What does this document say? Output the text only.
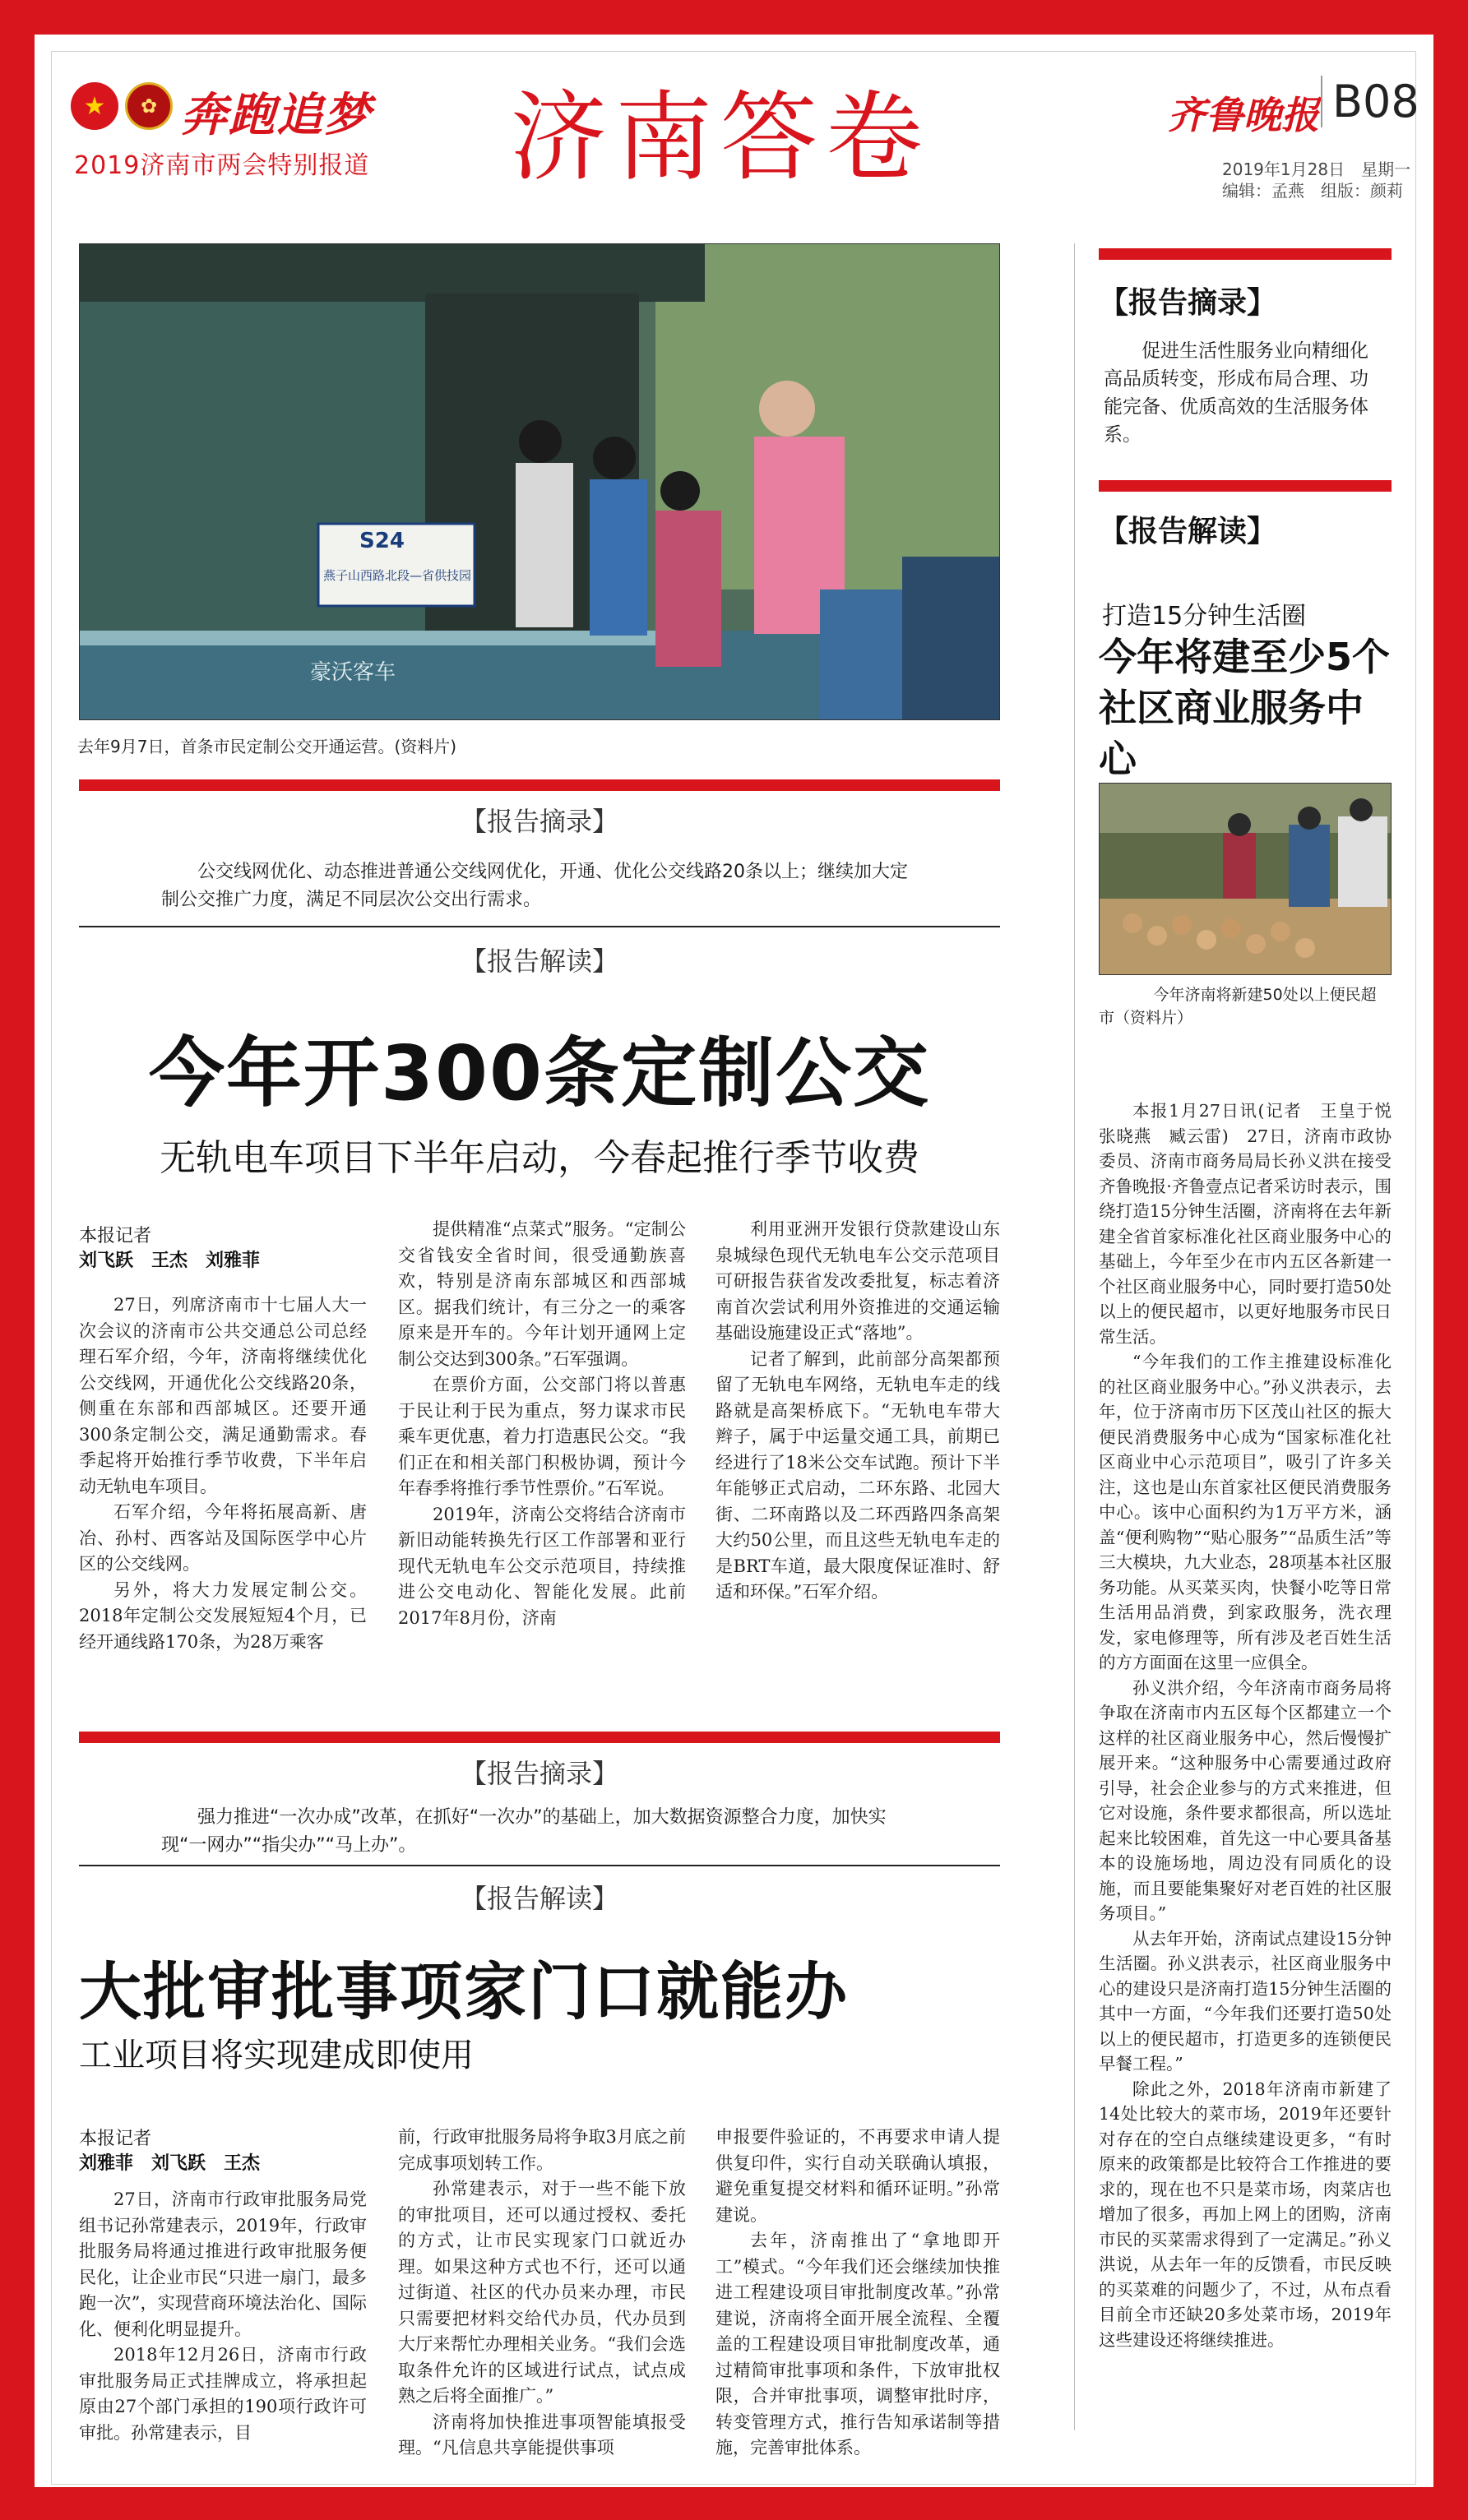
★	✿ 奔跑追梦
2019济南市两会特别报道 济南答卷	齐鲁晚报 B08
2019年1月28日　星期一
编辑：孟燕　组版：颜莉
S24
燕子山西路北段—省供技园
豪沃客车
去年9月7日，首条市民定制公交开通运营。(资料片)
【报告摘录】
公交线网优化、动态推进普通公交线网优化，开通、优化公交线路20条以上；继续加大定制公交推广力度，满足不同层次公交出行需求。
【报告解读】
今年开300条定制公交
无轨电车项目下半年启动，今春起推行季节收费
本报记者
刘飞跃　王杰　刘雅菲

27日，列席济南市十七届人大一次会议的济南市公共交通总公司总经理石军介绍，今年，济南将继续优化公交线网，开通优化公交线路20条，侧重在东部和西部城区。还要开通300条定制公交，满足通勤需求。春季起将开始推行季节收费，下半年启动无轨电车项目。

石军介绍，今年将拓展高新、唐冶、孙村、西客站及国际医学中心片区的公交线网。

另外，将大力发展定制公交。2018年定制公交发展短短4个月，已经开通线路170条，为28万乘客

提供精准“点菜式”服务。“定制公交省钱安全省时间，很受通勤族喜欢，特别是济南东部城区和西部城区。据我们统计，有三分之一的乘客原来是开车的。今年计划开通网上定制公交达到300条。”石军强调。

在票价方面，公交部门将以普惠于民让利于民为重点，努力谋求市民乘车更优惠，着力打造惠民公交。“我们正在和相关部门积极协调，预计今年春季将推行季节性票价。”石军说。

2019年，济南公交将结合济南市新旧动能转换先行区工作部署和亚行现代无轨电车公交示范项目，持续推进公交电动化、智能化发展。此前2017年8月份，济南

利用亚洲开发银行贷款建设山东泉城绿色现代无轨电车公交示范项目可研报告获省发改委批复，标志着济南首次尝试利用外资推进的交通运输基础设施建设正式“落地”。

记者了解到，此前部分高架都预留了无轨电车网络，无轨电车走的线路就是高架桥底下。“无轨电车带大辫子，属于中运量交通工具，前期已经进行了18米公交车试跑。预计下半年能够正式启动，二环东路、北园大街、二环南路以及二环西路四条高架大约50公里，而且这些无轨电车走的是BRT车道，最大限度保证准时、舒适和环保。”石军介绍。

【报告摘录】
强力推进“一次办成”改革，在抓好“一次办”的基础上，加大数据资源整合力度，加快实现“一网办”“指尖办”“马上办”。
【报告解读】
大批审批事项家门口就能办
工业项目将实现建成即使用
本报记者
刘雅菲　刘飞跃　王杰

27日，济南市行政审批服务局党组书记孙常建表示，2019年，行政审批服务局将通过推进行政审批服务便民化，让企业市民“只进一扇门，最多跑一次”，实现营商环境法治化、国际化、便利化明显提升。

2018年12月26日，济南市行政审批服务局正式挂牌成立，将承担起原由27个部门承担的190项行政许可审批。孙常建表示，目

前，行政审批服务局将争取3月底之前完成事项划转工作。

孙常建表示，对于一些不能下放的审批项目，还可以通过授权、委托的方式，让市民实现家门口就近办理。如果这种方式也不行，还可以通过街道、社区的代办员来办理，市民只需要把材料交给代办员，代办员到大厅来帮忙办理相关业务。“我们会选取条件允许的区域进行试点，试点成熟之后将全面推广。”

济南将加快推进事项智能填报受理。“凡信息共享能提供事项

申报要件验证的，不再要求申请人提供复印件，实行自动关联确认填报，避免重复提交材料和循环证明。”孙常建说。

去年，济南推出了“拿地即开工”模式。“今年我们还会继续加快推进工程建设项目审批制度改革。”孙常建说，济南将全面开展全流程、全覆盖的工程建设项目审批制度改革，通过精简审批事项和条件，下放审批权限，合并审批事项，调整审批时序，转变管理方式，推行告知承诺制等措施，完善审批体系。

【报告摘录】
促进生活性服务业向精细化高品质转变，形成布局合理、功能完备、优质高效的生活服务体系。
【报告解读】
打造15分钟生活圈
今年将建至少5个社区商业服务中心
今年济南将新建50处以上便民超市（资料片）

本报1月27日讯(记者　王皇于悦　张晓燕　臧云雷)　27日，济南市政协委员、济南市商务局局长孙义洪在接受齐鲁晚报·齐鲁壹点记者采访时表示，围绕打造15分钟生活圈，济南将在去年新建全省首家标准化社区商业服务中心的基础上，今年至少在市内五区各新建一个社区商业服务中心，同时要打造50处以上的便民超市，以更好地服务市民日常生活。

“今年我们的工作主推建设标准化的社区商业服务中心。”孙义洪表示，去年，位于济南市历下区茂山社区的振大便民消费服务中心成为“国家标准化社区商业中心示范项目”，吸引了许多关注，这也是山东首家社区便民消费服务中心。该中心面积约为1万平方米，涵盖“便利购物”“贴心服务”“品质生活”等三大模块，九大业态，28项基本社区服务功能。从买菜买肉，快餐小吃等日常生活用品消费，到家政服务，洗衣理发，家电修理等，所有涉及老百姓生活的方方面面在这里一应俱全。

孙义洪介绍，今年济南市商务局将争取在济南市内五区每个区都建立一个这样的社区商业服务中心，然后慢慢扩展开来。“这种服务中心需要通过政府引导，社会企业参与的方式来推进，但它对设施，条件要求都很高，所以选址起来比较困难，首先这一中心要具备基本的设施场地，周边没有同质化的设施，而且要能集聚好对老百姓的社区服务项目。”

从去年开始，济南试点建设15分钟生活圈。孙义洪表示，社区商业服务中心的建设只是济南打造15分钟生活圈的其中一方面，“今年我们还要打造50处以上的便民超市，打造更多的连锁便民早餐工程。”

除此之外，2018年济南市新建了14处比较大的菜市场，2019年还要针对存在的空白点继续建设更多，“有时原来的政策都是比较符合工作推进的要求的，现在也不只是菜市场，肉菜店也增加了很多，再加上网上的团购，济南市民的买菜需求得到了一定满足。”孙义洪说，从去年一年的反馈看，市民反映的买菜难的问题少了，不过，从布点看目前全市还缺20多处菜市场，2019年这些建设还将继续推进。
